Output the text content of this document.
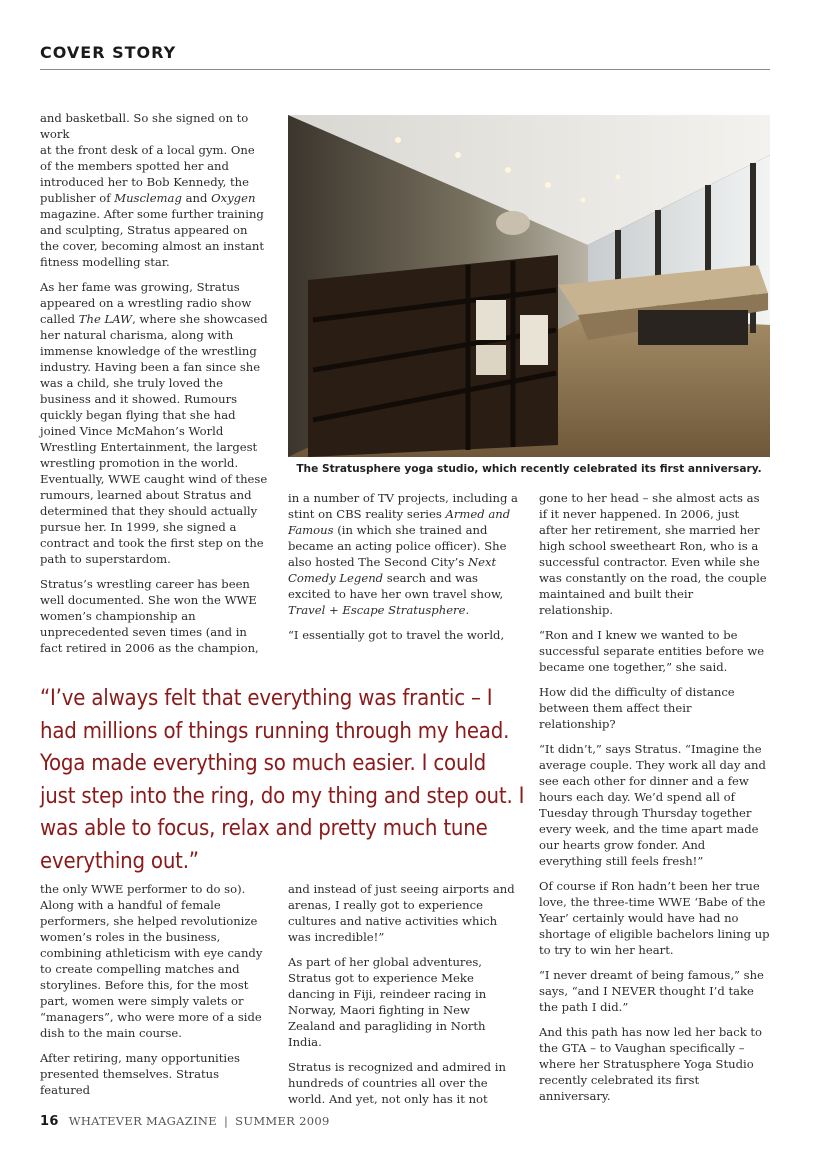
COVER STORY

and basketball. So she signed on to work
at the front desk of a local gym. One of the members spotted her and introduced her to Bob Kennedy, the publisher of Musclemag and Oxygen magazine. After some further training and sculpting, Stratus appeared on the cover, becoming almost an instant fitness modelling star.

As her fame was growing, Stratus appeared on a wrestling radio show called The LAW, where she showcased her natural charisma, along with immense knowledge of the wrestling industry. Having been a fan since she was a child, she truly loved the business and it showed. Rumours quickly began flying that she had joined Vince McMahon’s World Wrestling Entertainment, the largest wrestling promotion in the world. Eventually, WWE caught wind of these rumours, learned about Stratus and determined that they should actually pursue her. In 1999, she signed a contract and took the first step on the path to superstardom.

Stratus’s wrestling career has been well documented. She won the WWE women’s championship an unprecedented seven times (and in fact retired in 2006 as the champion,

The Stratusphere yoga studio, which recently celebrated its first anniversary.

in a number of TV projects, including a stint on CBS reality series Armed and Famous (in which she trained and became an acting police officer). She also hosted The Second City’s Next Comedy Legend search and was excited to have her own travel show, Travel + Escape Stratusphere.

“I essentially got to travel the world,

gone to her head – she almost acts as if it never happened. In 2006, just after her retirement, she married her high school sweetheart Ron, who is a successful contractor. Even while she was constantly on the road, the couple maintained and built their relationship.

“Ron and I knew we wanted to be successful separate entities before we became one together,” she said.

How did the difficulty of distance between them affect their relationship?

“It didn’t,” says Stratus. “Imagine the average couple. They work all day and see each other for dinner and a few hours each day. We’d spend all of Tuesday through Thursday together every week, and the time apart made our hearts grow fonder. And everything still feels fresh!”

Of course if Ron hadn’t been her true love, the three-time WWE ‘Babe of the Year’ certainly would have had no shortage of eligible bachelors lining up to try to win her heart.

“I never dreamt of being famous,” she says, “and I NEVER thought I’d take the path I did.”

And this path has now led her back to the GTA – to Vaughan specifically – where her Stratusphere Yoga Studio recently celebrated its first anniversary.

“I’ve always felt that everything was frantic – I had millions of things running through my head. Yoga made everything so much easier. I could just step into the ring, do my thing and step out. I was able to focus, relax and pretty much tune everything out.”

the only WWE performer to do so). Along with a handful of female performers, she helped revolutionize women’s roles in the business, combining athleticism with eye candy to create compelling matches and storylines. Before this, for the most part, women were simply valets or “managers”, who were more of a side dish to the main course.

After retiring, many opportunities presented themselves. Stratus featured

and instead of just seeing airports and arenas, I really got to experience cultures and native activities which was incredible!”

As part of her global adventures, Stratus got to experience Meke dancing in Fiji, reindeer racing in Norway, Maori fighting in New Zealand and paragliding in North India.

Stratus is recognized and admired in hundreds of countries all over the world. And yet, not only has it not

16 WHATEVER MAGAZINE | SUMMER 2009
